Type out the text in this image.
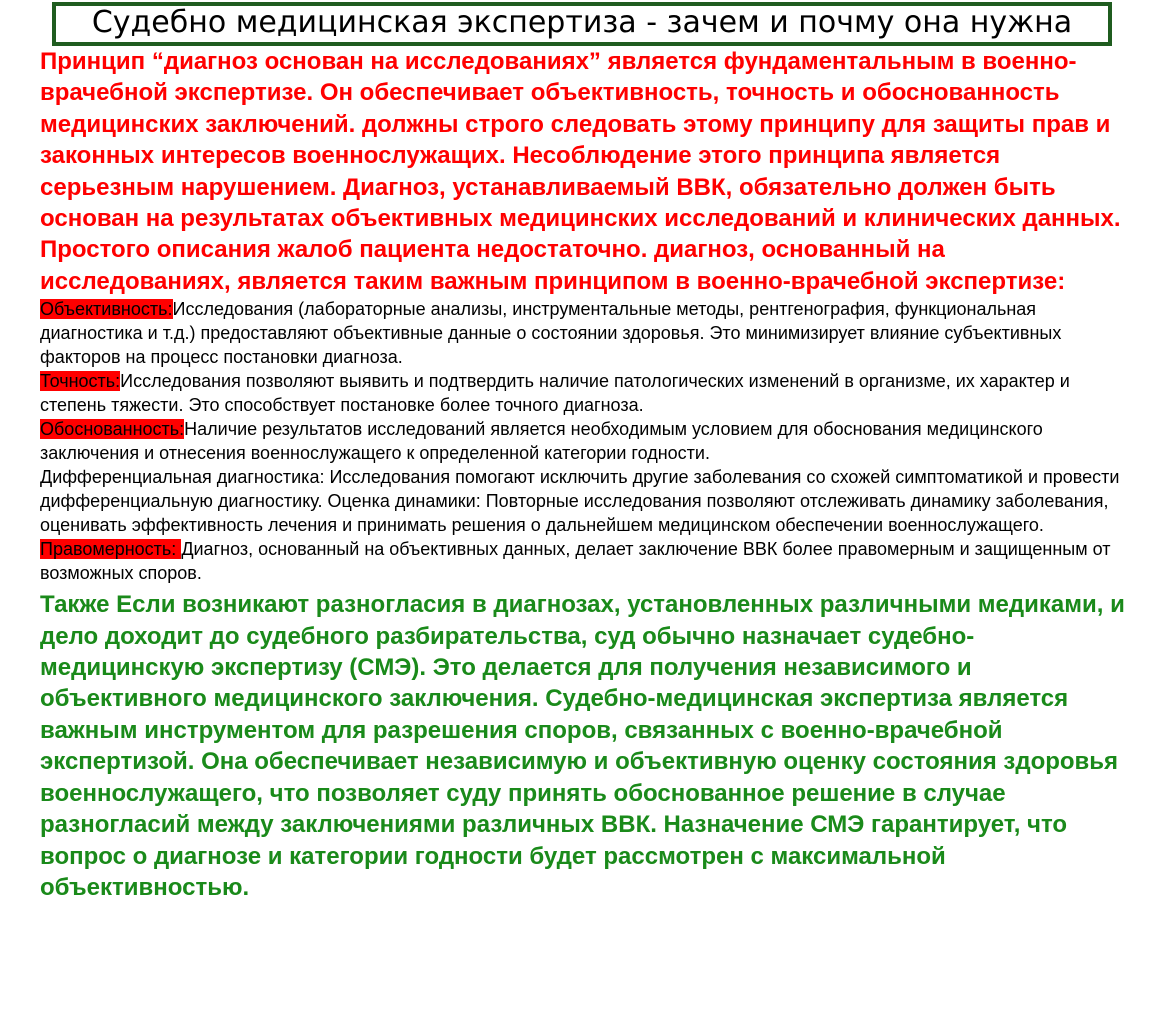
Судебно медицинская экспертиза - зачем и почму она нужна

Принцип “диагноз основан на исследованиях” является фундаментальным в военно-врачебной экспертизе. Он обеспечивает объективность, точность и обоснованность медицинских заключений. должны строго следовать этому принципу для защиты прав и законных интересов военнослужащих. Несоблюдение этого принципа является серьезным нарушением. Диагноз, устанавливаемый ВВК, обязательно должен быть основан на результатах объективных медицинских исследований и клинических данных. Простого описания жалоб пациента недостаточно. диагноз, основанный на исследованиях, является таким важным принципом в военно-врачебной экспертизе:

Объективность:Исследования (лабораторные анализы, инструментальные методы, рентгенография, функциональная диагностика и т.д.) предоставляют объективные данные о состоянии здоровья. Это минимизирует влияние субъективных факторов на процесс постановки диагноза.

Точность:Исследования позволяют выявить и подтвердить наличие патологических изменений в организме, их характер и степень тяжести. Это способствует постановке более точного диагноза.

Обоснованность:Наличие результатов исследований является необходимым условием для обоснования медицинского заключения и отнесения военнослужащего к определенной категории годности.

Дифференциальная диагностика: Исследования помогают исключить другие заболевания со схожей симптоматикой и провести дифференциальную диагностику. Оценка динамики: Повторные исследования позволяют отслеживать динамику заболевания, оценивать эффективность лечения и принимать решения о дальнейшем медицинском обеспечении военнослужащего.

Правомерность: Диагноз, основанный на объективных данных, делает заключение ВВК более правомерным и защищенным от возможных споров.

Также Если возникают разногласия в диагнозах, установленных различными медиками, и дело доходит до судебного разбирательства, суд обычно назначает судебно-медицинскую экспертизу (СМЭ). Это делается для получения независимого и объективного медицинского заключения. Судебно-медицинская экспертиза является важным инструментом для разрешения споров, связанных с военно-врачебной экспертизой. Она обеспечивает независимую и объективную оценку состояния здоровья военнослужащего, что позволяет суду принять обоснованное решение в случае разногласий между заключениями различных ВВК. Назначение СМЭ гарантирует, что вопрос о диагнозе и категории годности будет рассмотрен с максимальной объективностью.
